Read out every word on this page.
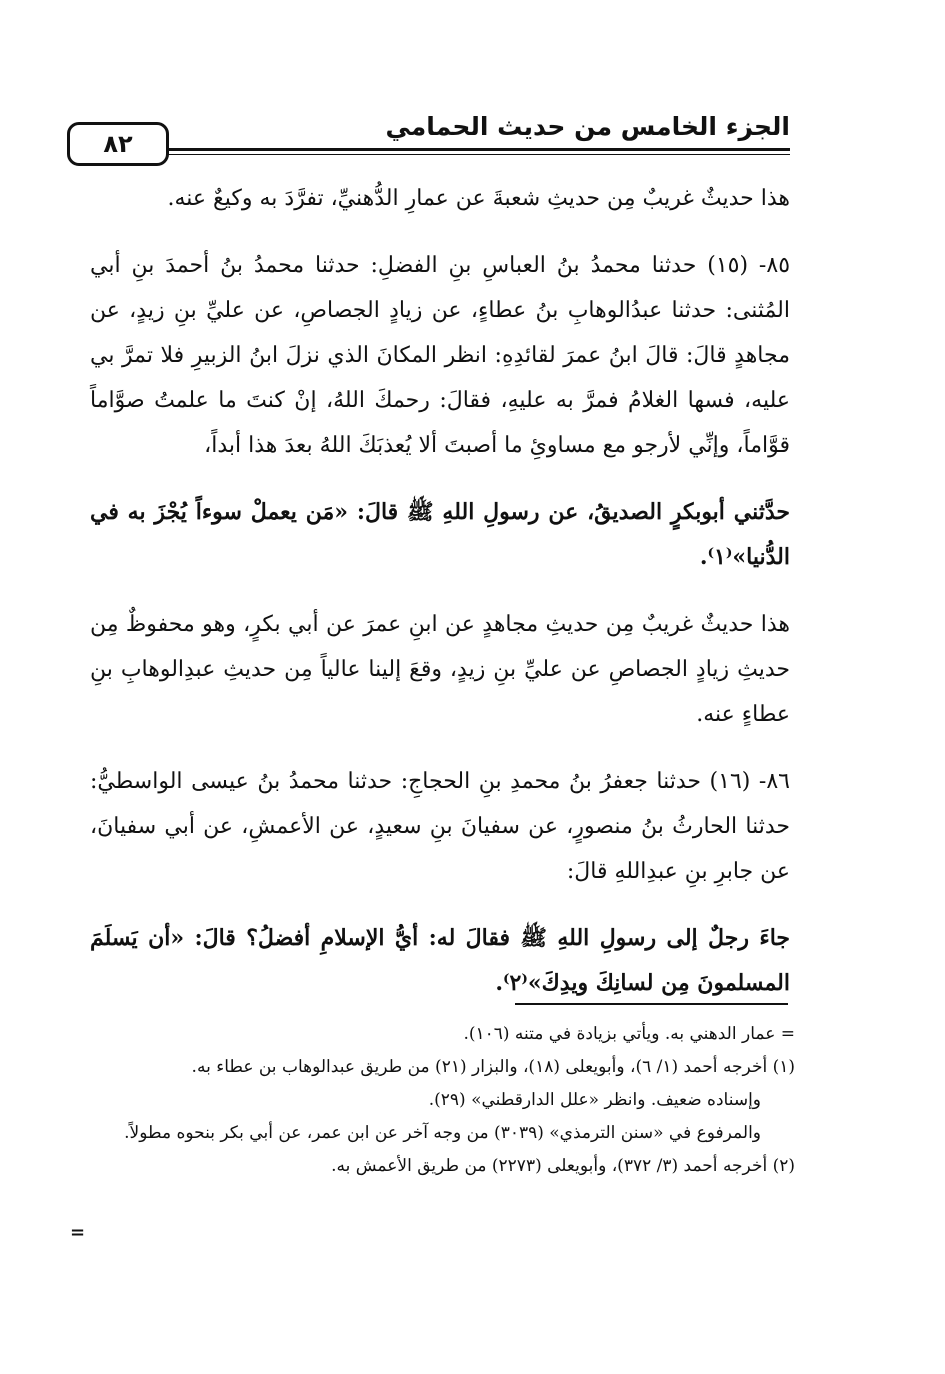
الجزء الخامس من حديث الحمامي
٨٢

هذا حديثٌ غريبٌ مِن حديثِ شعبةَ عن عمارِ الدُّهنيِّ، تفرَّدَ به وكيعٌ عنه.

٨٥- (١٥) حدثنا محمدُ بنُ العباسِ بنِ الفضلِ: حدثنا محمدُ بنُ أحمدَ بنِ أبي المُثنى: حدثنا عبدُالوهابِ بنُ عطاءٍ، عن زيادٍ الجصاصِ، عن عليِّ بنِ زيدٍ، عن مجاهدٍ قالَ: قالَ ابنُ عمرَ لقائدِهِ: انظر المكانَ الذي نزلَ ابنُ الزبيرِ فلا تمرَّ بي عليه، فسها الغلامُ فمرَّ به عليهِ، فقالَ: رحمكَ اللهُ، إنْ كنتَ ما علمتُ صوَّاماً قوَّاماً، وإنِّي لأرجو مع مساوئِ ما أصبتَ ألا يُعذبَكَ اللهُ بعدَ هذا أبداً،

حدَّثني أبوبكرٍ الصديقُ، عن رسولِ اللهِ ﷺ قالَ: «مَن يعملْ سوءاً يُجْزَ به في الدُّنيا»⁽١⁾.

هذا حديثٌ غريبٌ مِن حديثِ مجاهدٍ عن ابنِ عمرَ عن أبي بكرٍ، وهو محفوظٌ مِن حديثِ زيادٍ الجصاصِ عن عليِّ بنِ زيدٍ، وقعَ إلينا عالياً مِن حديثِ عبدِالوهابِ بنِ عطاءٍ عنه.

٨٦- (١٦) حدثنا جعفرُ بنُ محمدِ بنِ الحجاجِ: حدثنا محمدُ بنُ عيسى الواسطيُّ: حدثنا الحارثُ بنُ منصورٍ، عن سفيانَ بنِ سعيدٍ، عن الأعمشِ، عن أبي سفيانَ، عن جابرِ بنِ عبدِاللهِ قالَ:

جاءَ رجلٌ إلى رسولِ اللهِ ﷺ فقالَ له: أيُّ الإسلامِ أفضلُ؟ قالَ: «أن يَسلَمَ المسلمونَ مِن لسانِكَ ويدِكَ»⁽٢⁾.

= عمار الدهني به. ويأتي بزيادة في متنه (١٠٦).

(١) أخرجه أحمد (١/ ٦)، وأبويعلى (١٨)، والبزار (٢١) من طريق عبدالوهاب بن عطاء به.

وإسناده ضعيف. وانظر «علل الدارقطني» (٢٩).

والمرفوع في «سنن الترمذي» (٣٠٣٩) من وجه آخر عن ابن عمر، عن أبي بكر بنحوه مطولاً.

(٢) أخرجه أحمد (٣/ ٣٧٢)، وأبويعلى (٢٢٧٣) من طريق الأعمش به.

=
